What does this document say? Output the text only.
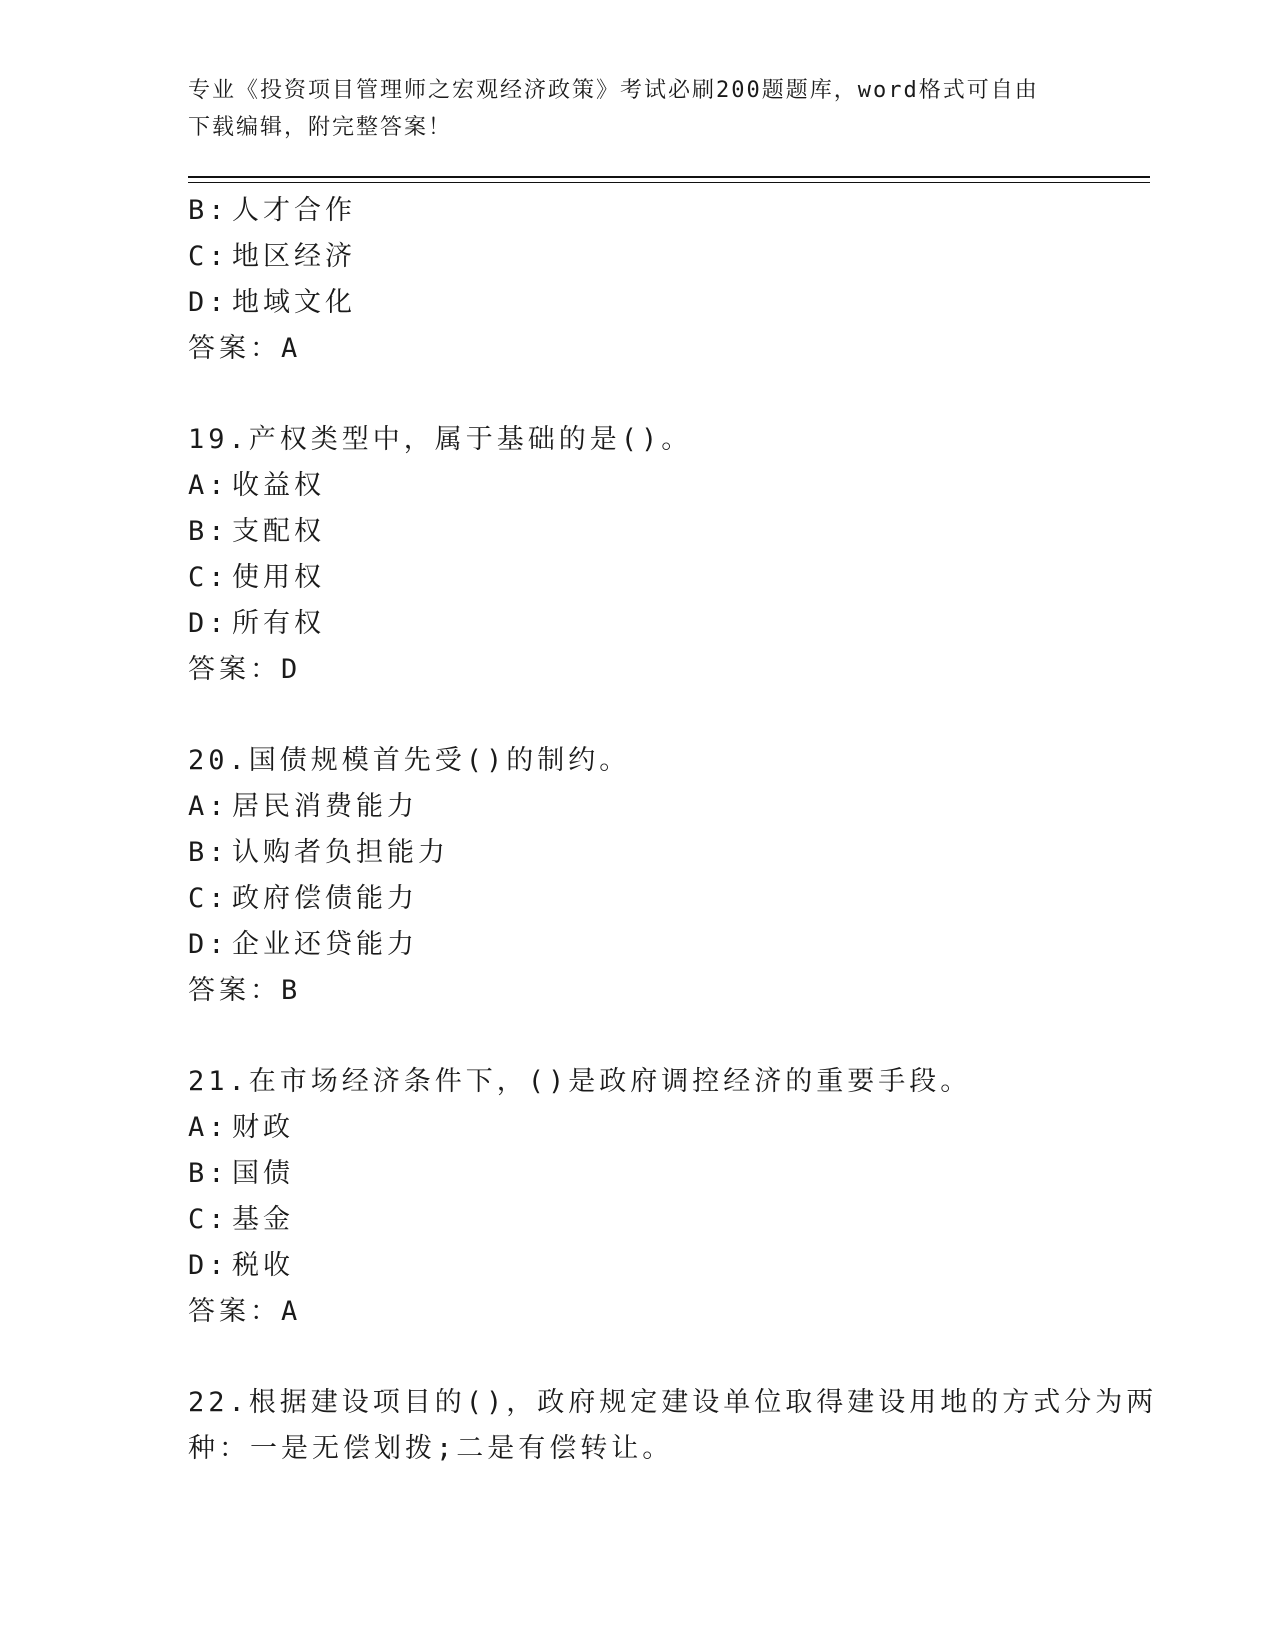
专业《投资项目管理师之宏观经济政策》考试必刷200题题库，word格式可自由
下载编辑，附完整答案！
B: 人才合作
C: 地区经济
D: 地域文化
答案：A
19.产权类型中，属于基础的是()。
A: 收益权
B: 支配权
C: 使用权
D: 所有权
答案：D
20.国债规模首先受()的制约。
A: 居民消费能力
B: 认购者负担能力
C: 政府偿债能力
D: 企业还贷能力
答案：B
21.在市场经济条件下，()是政府调控经济的重要手段。
A: 财政
B: 国债
C: 基金
D: 税收
答案：A
22.根据建设项目的()，政府规定建设单位取得建设用地的方式分为两
种：一是无偿划拨;二是有偿转让。
